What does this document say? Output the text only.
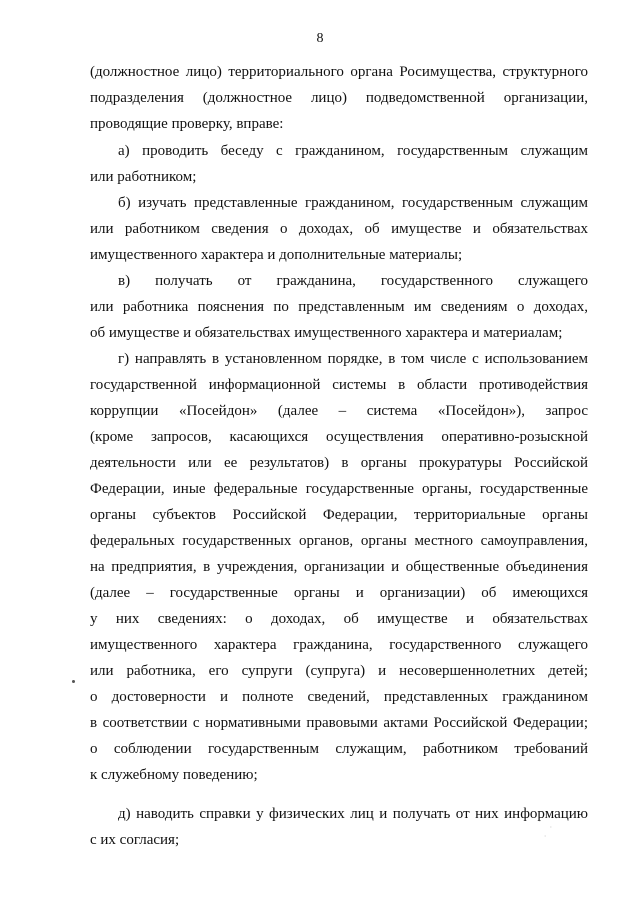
8
(должностное лицо) территориального органа Росимущества, структурного
подразделения (должностное лицо) подведомственной организации,
проводящие проверку, вправе:
а) проводить беседу с гражданином, государственным служащим
или работником;
б) изучать представленные гражданином, государственным служащим
или работником сведения о доходах, об имуществе и обязательствах
имущественного характера и дополнительные материалы;
в) получать от гражданина, государственного служащего
или работника пояснения по представленным им сведениям о доходах,
об имуществе и обязательствах имущественного характера и материалам;
г) направлять в установленном порядке, в том числе с использованием
государственной информационной системы в области противодействия
коррупции «Посейдон» (далее – система «Посейдон»), запрос
(кроме запросов, касающихся осуществления оперативно-розыскной
деятельности или ее результатов) в органы прокуратуры Российской
Федерации, иные федеральные государственные органы, государственные
органы субъектов Российской Федерации, территориальные органы
федеральных государственных органов, органы местного самоуправления,
на предприятия, в учреждения, организации и общественные объединения
(далее – государственные органы и организации) об имеющихся
у них сведениях: о доходах, об имуществе и обязательствах
имущественного характера гражданина, государственного служащего
или работника, его супруги (супруга) и несовершеннолетних детей;
о достоверности и полноте сведений, представленных гражданином
в соответствии с нормативными правовыми актами Российской Федерации;
о соблюдении государственным служащим, работником требований
к служебному поведению;
д) наводить справки у физических лиц и получать от них информацию
с их согласия;
